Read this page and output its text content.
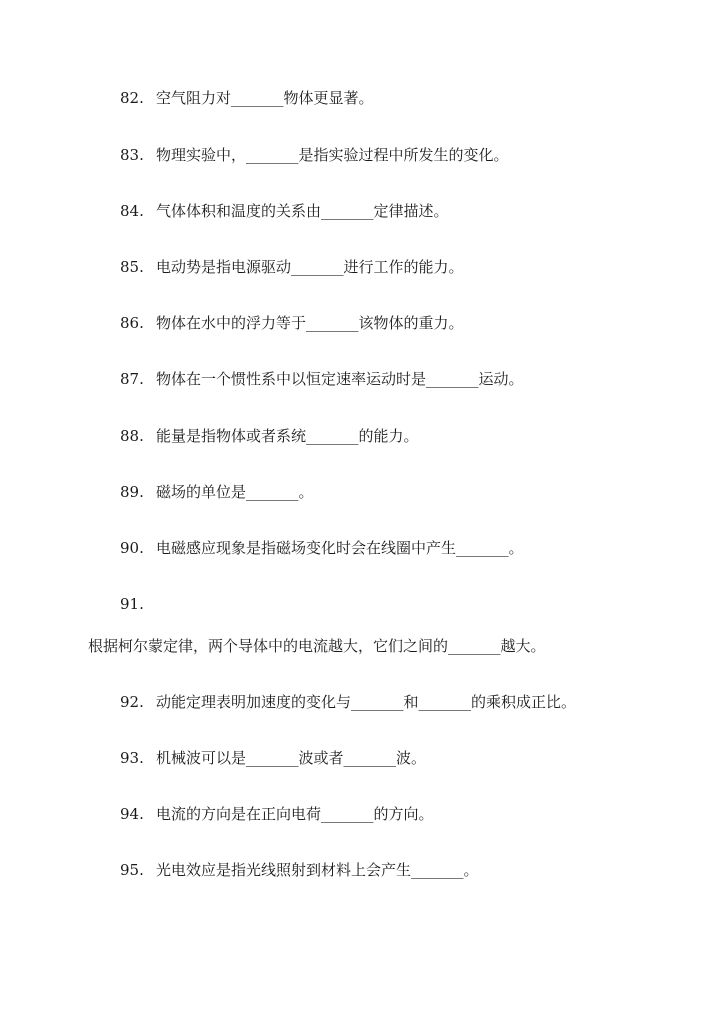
82. 空气阻力对_______物体更显著。
83. 物理实验中，_______是指实验过程中所发生的变化。
84. 气体体积和温度的关系由_______定律描述。
85. 电动势是指电源驱动_______进行工作的能力。
86. 物体在水中的浮力等于_______该物体的重力。
87. 物体在一个惯性系中以恒定速率运动时是_______运动。
88. 能量是指物体或者系统_______的能力。
89. 磁场的单位是_______。
90. 电磁感应现象是指磁场变化时会在线圈中产生_______。
91.
根据柯尔蒙定律，两个导体中的电流越大，它们之间的_______越大。
92. 动能定理表明加速度的变化与_______和_______的乘积成正比。
93. 机械波可以是_______波或者_______波。
94. 电流的方向是在正向电荷_______的方向。
95. 光电效应是指光线照射到材料上会产生_______。
